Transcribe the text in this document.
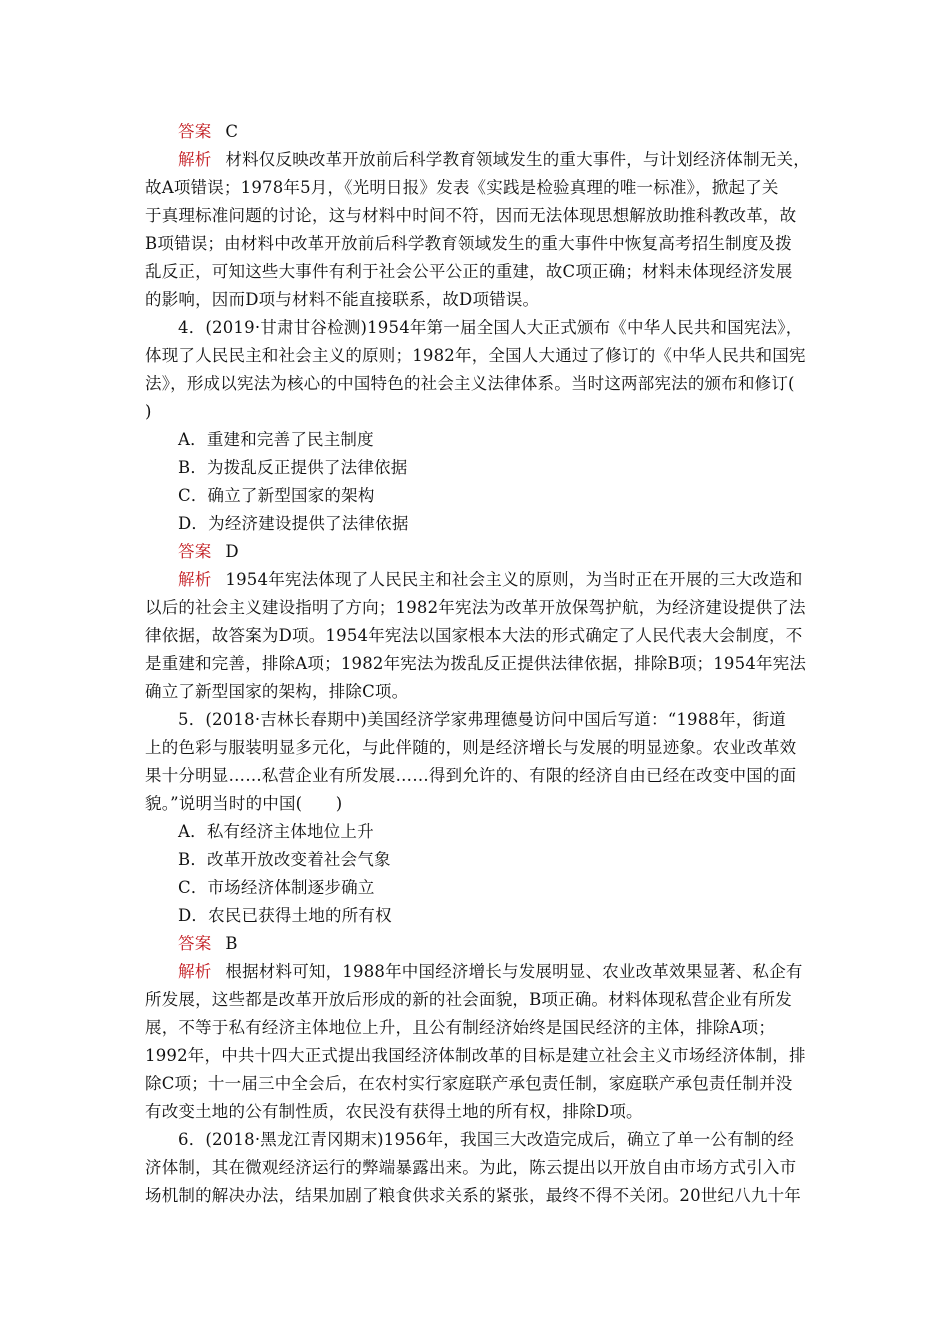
答案 C
解析 材料仅反映改革开放前后科学教育领域发生的重大事件，与计划经济体制无关，
故A项错误；1978年5月，《光明日报》发表《实践是检验真理的唯一标准》，掀起了关
于真理标准问题的讨论，这与材料中时间不符，因而无法体现思想解放助推科教改革，故
B项错误；由材料中改革开放前后科学教育领域发生的重大事件中恢复高考招生制度及拨
乱反正，可知这些大事件有利于社会公平公正的重建，故C项正确；材料未体现经济发展
的影响，因而D项与材料不能直接联系，故D项错误。
4．(2019·甘肃甘谷检测)1954年第一届全国人大正式颁布《中华人民共和国宪法》，
体现了人民民主和社会主义的原则；1982年，全国人大通过了修订的《中华人民共和国宪
法》，形成以宪法为核心的中国特色的社会主义法律体系。当时这两部宪法的颁布和修订(
)
A．重建和完善了民主制度
B．为拨乱反正提供了法律依据
C．确立了新型国家的架构
D．为经济建设提供了法律依据
答案 D
解析 1954年宪法体现了人民民主和社会主义的原则，为当时正在开展的三大改造和
以后的社会主义建设指明了方向；1982年宪法为改革开放保驾护航，为经济建设提供了法
律依据，故答案为D项。1954年宪法以国家根本大法的形式确定了人民代表大会制度，不
是重建和完善，排除A项；1982年宪法为拨乱反正提供法律依据，排除B项；1954年宪法
确立了新型国家的架构，排除C项。
5．(2018·吉林长春期中)美国经济学家弗理德曼访问中国后写道：“1988年，街道
上的色彩与服装明显多元化，与此伴随的，则是经济增长与发展的明显迹象。农业改革效
果十分明显……私营企业有所发展……得到允许的、有限的经济自由已经在改变中国的面
貌。”说明当时的中国(　　)
A．私有经济主体地位上升
B．改革开放改变着社会气象
C．市场经济体制逐步确立
D．农民已获得土地的所有权
答案 B
解析 根据材料可知，1988年中国经济增长与发展明显、农业改革效果显著、私企有
所发展，这些都是改革开放后形成的新的社会面貌，B项正确。材料体现私营企业有所发
展，不等于私有经济主体地位上升，且公有制经济始终是国民经济的主体，排除A项；
1992年，中共十四大正式提出我国经济体制改革的目标是建立社会主义市场经济体制，排
除C项；十一届三中全会后，在农村实行家庭联产承包责任制，家庭联产承包责任制并没
有改变土地的公有制性质，农民没有获得土地的所有权，排除D项。
6．(2018·黑龙江青冈期末)1956年，我国三大改造完成后，确立了单一公有制的经
济体制，其在微观经济运行的弊端暴露出来。为此，陈云提出以开放自由市场方式引入市
场机制的解决办法，结果加剧了粮食供求关系的紧张，最终不得不关闭。20世纪八九十年
